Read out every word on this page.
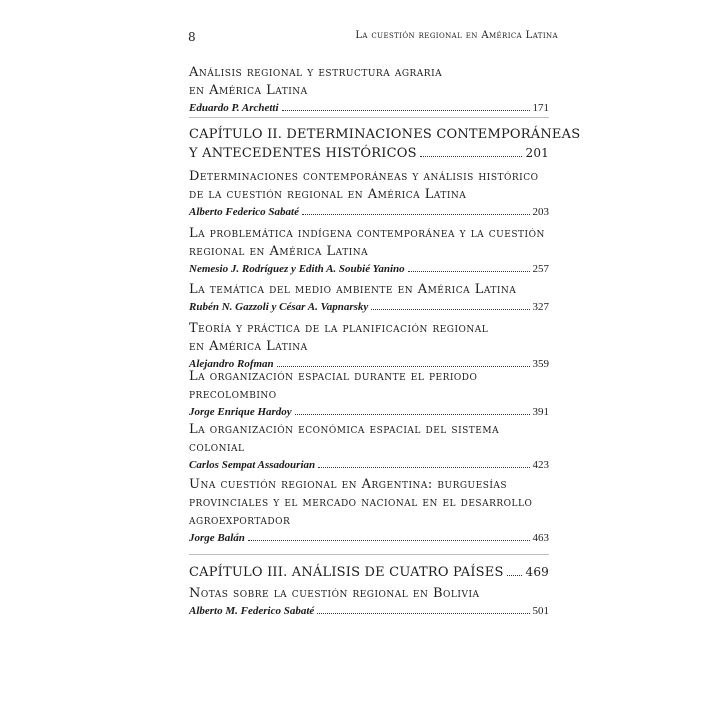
8	La cuestión regional en América Latina
Análisis regional y estructura agraria
en América Latina
Eduardo P. Archetti	171
CAPÍTULO II. DETERMINACIONES CONTEMPORÁNEAS
Y ANTECEDENTES HISTÓRICOS	201
Determinaciones contemporáneas y análisis histórico
de la cuestión regional en América Latina
Alberto Federico Sabaté	203
La problemática indígena contemporánea y la cuestión
regional en América Latina
Nemesio J. Rodríguez y Edith A. Soubié Yanino	257
La temática del medio ambiente en América Latina
Rubén N. Gazzoli y César A. Vapnarsky	327
Teoría y práctica de la planificación regional
en América Latina
Alejandro Rofman	359
La organización espacial durante el periodo
precolombino
Jorge Enrique Hardoy	391
La organización económica espacial del sistema
colonial
Carlos Sempat Assadourian	423
Una cuestión regional en Argentina: burguesías
provinciales y el mercado nacional en el desarrollo
agroexportador
Jorge Balán	463
CAPÍTULO III. ANÁLISIS DE CUATRO PAÍSES 469
Notas sobre la cuestión regional en Bolivia
Alberto M. Federico Sabaté	501
